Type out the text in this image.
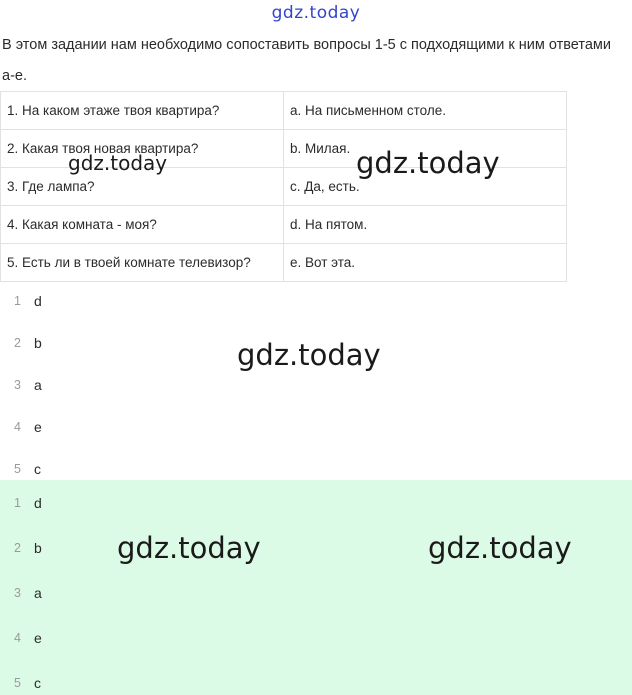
gdz.today
В этом задании нам необходимо сопоставить вопросы 1-5 с подходящими к ним ответами а-е.
1. На каком этаже твоя квартира?	a. На письменном столе.
2. Какая твоя новая квартира?	b. Милая.
3. Где лампа?	c. Да, есть.
4. Какая комната - моя?	d. На пятом.
5. Есть ли в твоей комнате телевизор?	e. Вот эта.
1 d
2 b
3 a
4 e
5 c
1 d
2 b
3 a
4 e
5 c
gdz.today	gdz.today
gdz.today
gdz.today	gdz.today
